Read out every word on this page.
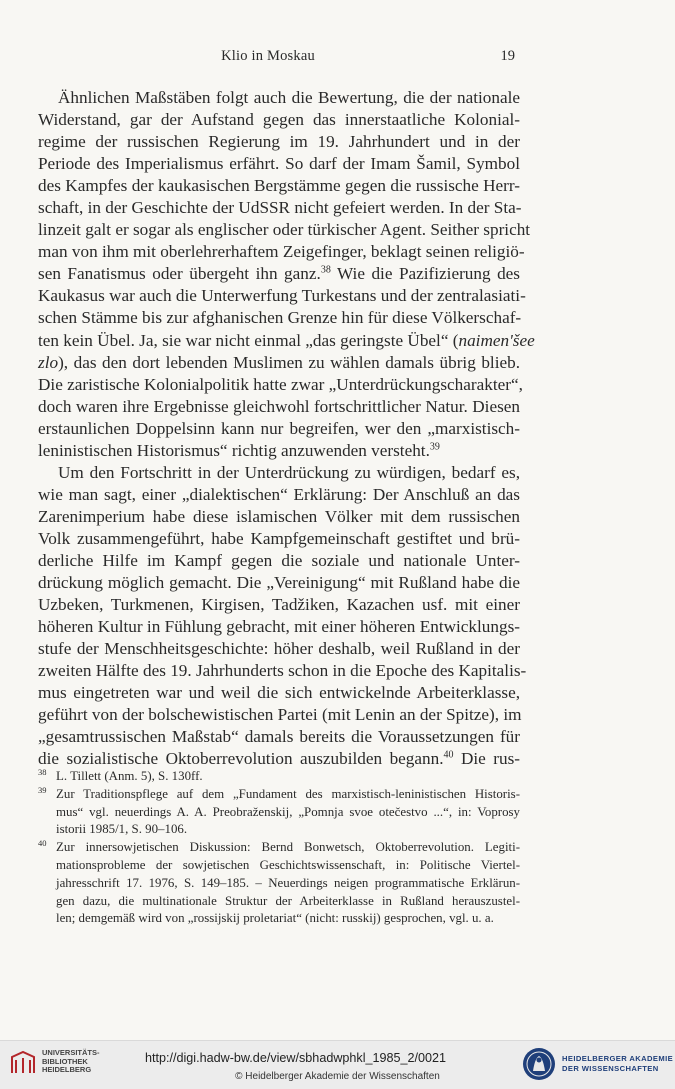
Klio in Moskau	19
Ähnlichen Maßstäben folgt auch die Bewertung, die der nationale
Widerstand, gar der Aufstand gegen das innerstaatliche Kolonial-
regime der russischen Regierung im 19. Jahrhundert und in der
Periode des Imperialismus erfährt. So darf der Imam Šamil, Symbol
des Kampfes der kaukasischen Bergstämme gegen die russische Herr-
schaft, in der Geschichte der UdSSR nicht gefeiert werden. In der Sta-
linzeit galt er sogar als englischer oder türkischer Agent. Seither spricht
man von ihm mit oberlehrerhaftem Zeigefinger, beklagt seinen religiö-
sen Fanatismus oder übergeht ihn ganz.$^{38}$ Wie die Pazifizierung des
Kaukasus war auch die Unterwerfung Turkestans und der zentralasiati-
schen Stämme bis zur afghanischen Grenze hin für diese Völkerschaf-
ten kein Übel. Ja, sie war nicht einmal „das geringste Übel“ (naimen'šee
zlo), das den dort lebenden Muslimen zu wählen damals übrig blieb.
Die zaristische Kolonialpolitik hatte zwar „Unterdrückungscharakter“,
doch waren ihre Ergebnisse gleichwohl fortschrittlicher Natur. Diesen
erstaunlichen Doppelsinn kann nur begreifen, wer den „marxistisch-
leninistischen Historismus“ richtig anzuwenden versteht.$^{39}$
Um den Fortschritt in der Unterdrückung zu würdigen, bedarf es,
wie man sagt, einer „dialektischen“ Erklärung: Der Anschluß an das
Zarenimperium habe diese islamischen Völker mit dem russischen
Volk zusammengeführt, habe Kampfgemeinschaft gestiftet und brü-
derliche Hilfe im Kampf gegen die soziale und nationale Unter-
drückung möglich gemacht. Die „Vereinigung“ mit Rußland habe die
Uzbeken, Turkmenen, Kirgisen, Tadžiken, Kazachen usf. mit einer
höheren Kultur in Fühlung gebracht, mit einer höheren Entwicklungs-
stufe der Menschheitsgeschichte: höher deshalb, weil Rußland in der
zweiten Hälfte des 19. Jahrhunderts schon in die Epoche des Kapitalis-
mus eingetreten war und weil die sich entwickelnde Arbeiterklasse,
geführt von der bolschewistischen Partei (mit Lenin an der Spitze), im
„gesamtrussischen Maßstab“ damals bereits die Voraussetzungen für
die sozialistische Oktoberrevolution auszubilden begann.$^{40}$ Die rus-
38 L. Tillett (Anm. 5), S. 130ff.
39 Zur Traditionspflege auf dem „Fundament des marxistisch-leninistischen Historis-
mus“ vgl. neuerdings A. A. Preobraženskij, „Pomnja svoe otečestvo ...“, in: Voprosy
istorii 1985/1, S. 90–106.
40 Zur innersowjetischen Diskussion: Bernd Bonwetsch, Oktoberrevolution. Legiti-
mationsprobleme der sowjetischen Geschichtswissenschaft, in: Politische Viertel-
jahresschrift 17. 1976, S. 149–185. – Neuerdings neigen programmatische Erklärun-
gen dazu, die multinationale Struktur der Arbeiterklasse in Rußland herauszustel-
len; demgemäß wird von „rossijskij proletariat“ (nicht: russkij) gesprochen, vgl. u. a.
UNIVERSITÄTS-
BIBLIOTHEK
HEIDELBERG
http://digi.hadw-bw.de/view/sbhadwphkl_1985_2/0021
© Heidelberger Akademie der Wissenschaften
HEIDELBERGER AKADEMIE
DER WISSENSCHAFTEN
